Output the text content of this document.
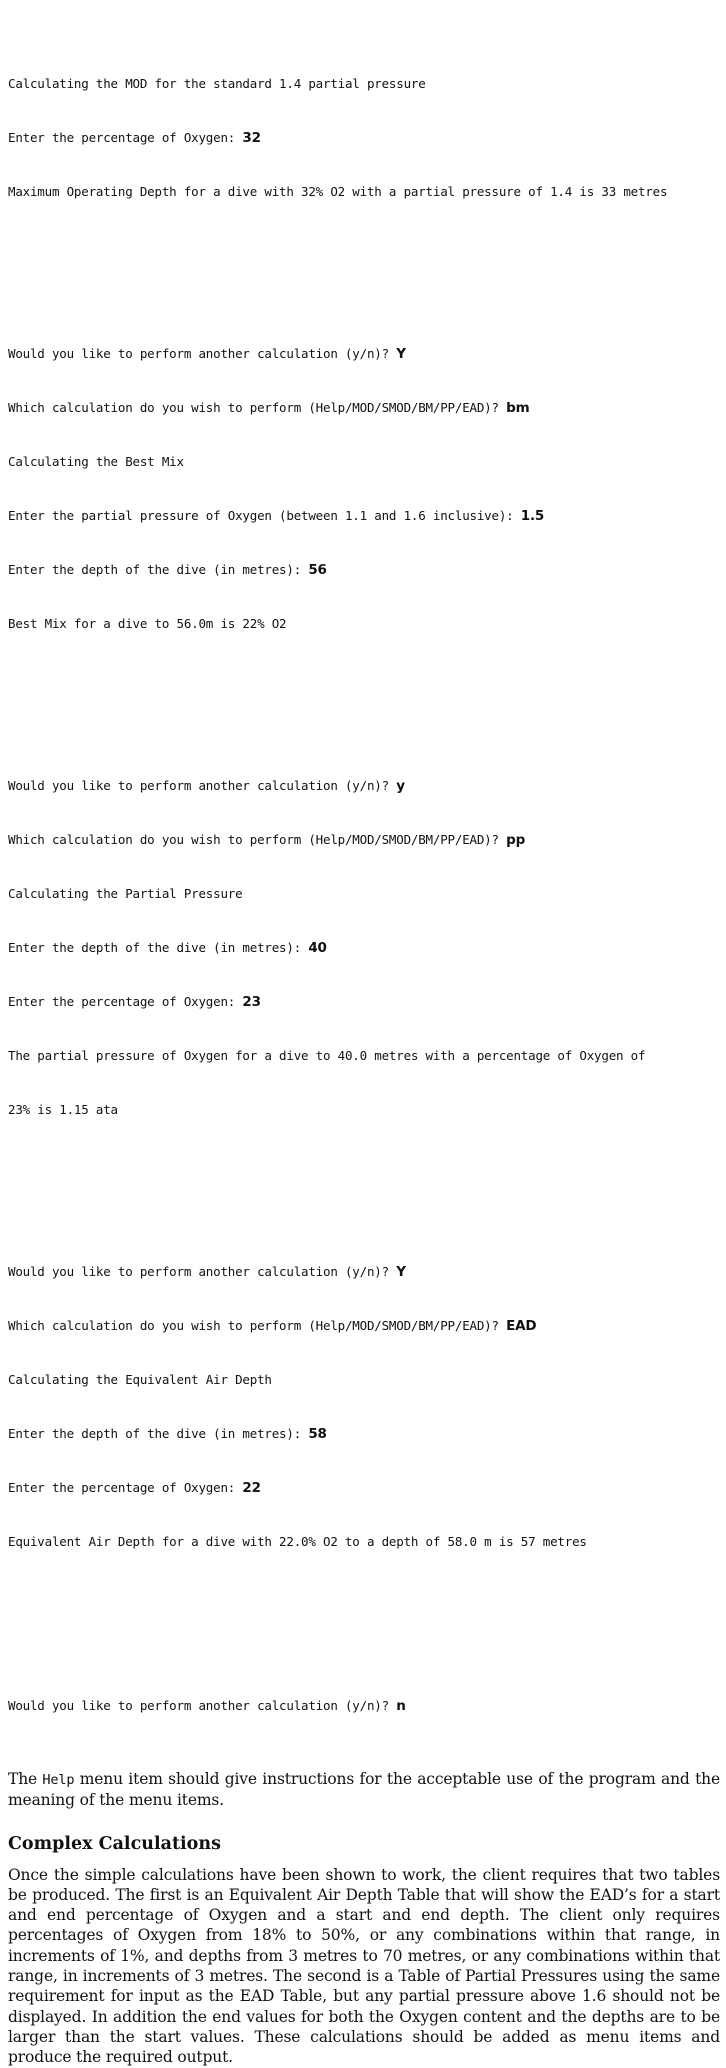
Calculating the MOD for the standard 1.4 partial pressure

Enter the percentage of Oxygen: 32

Maximum Operating Depth for a dive with 32% O2 with a partial pressure of 1.4 is 33 metres

Would you like to perform another calculation (y/n)? Y

Which calculation do you wish to perform (Help/MOD/SMOD/BM/PP/EAD)? bm

Calculating the Best Mix

Enter the partial pressure of Oxygen (between 1.1 and 1.6 inclusive): 1.5

Enter the depth of the dive (in metres): 56

Best Mix for a dive to 56.0m is 22% O2

Would you like to perform another calculation (y/n)? y

Which calculation do you wish to perform (Help/MOD/SMOD/BM/PP/EAD)? pp

Calculating the Partial Pressure

Enter the depth of the dive (in metres): 40

Enter the percentage of Oxygen: 23

The partial pressure of Oxygen for a dive to 40.0 metres with a percentage of Oxygen of

23% is 1.15 ata

Would you like to perform another calculation (y/n)? Y

Which calculation do you wish to perform (Help/MOD/SMOD/BM/PP/EAD)? EAD

Calculating the Equivalent Air Depth

Enter the depth of the dive (in metres): 58

Enter the percentage of Oxygen: 22

Equivalent Air Depth for a dive with 22.0% O2 to a depth of 58.0 m is 57 metres

Would you like to perform another calculation (y/n)? n

The Help menu item should give instructions for the acceptable use of the program and the meaning of the menu items.

Complex Calculations

Once the simple calculations have been shown to work, the client requires that two tables be produced. The first is an Equivalent Air Depth Table that will show the EAD’s for a start and end percentage of Oxygen and a start and end depth. The client only requires percentages of Oxygen from 18% to 50%, or any combinations within that range, in increments of 1%, and depths from 3 metres to 70 metres, or any combinations within that range, in increments of 3 metres. The second is a Table of Partial Pressures using the same requirement for input as the EAD Table, but any partial pressure above 1.6 should not be displayed. In addition the end values for both the Oxygen content and the depths are to be larger than the start values. These calculations should be added as menu items and produce the required output.
